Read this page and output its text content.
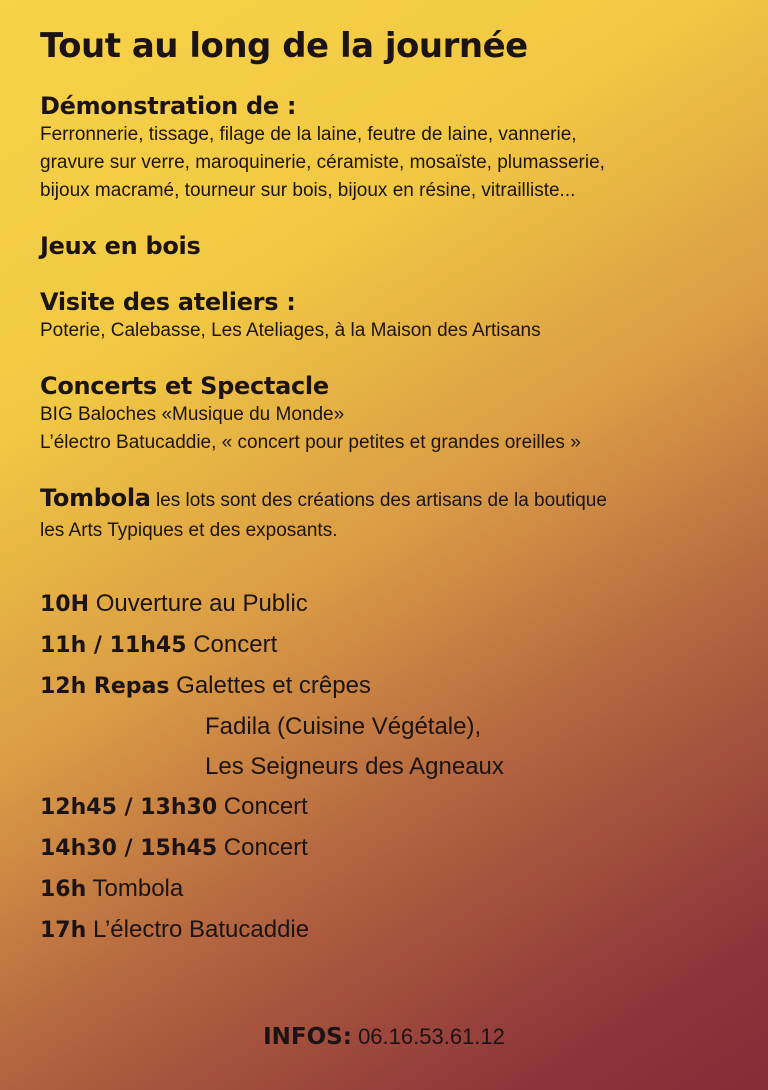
Tout au long de la journée
Démonstration de :
Ferronnerie, tissage, filage de la laine, feutre de laine, vannerie,
gravure sur verre, maroquinerie, céramiste, mosaïste, plumasserie,
bijoux macramé, tourneur sur bois, bijoux en résine, vitrailliste...
Jeux en bois
Visite des ateliers :
Poterie, Calebasse, Les Ateliages, à la Maison des Artisans
Concerts et Spectacle
BIG Baloches «Musique du Monde»
L’électro Batucaddie, « concert pour petites et grandes oreilles »
Tombola les lots sont des créations des artisans de la boutique
les Arts Typiques et des exposants.
10H Ouverture au Public
11h / 11h45 Concert
12h Repas Galettes et crêpes
Fadila (Cuisine Végétale),
Les Seigneurs des Agneaux
12h45 / 13h30 Concert
14h30 / 15h45 Concert
16h Tombola
17h L’électro Batucaddie
INFOS: 06.16.53.61.12
